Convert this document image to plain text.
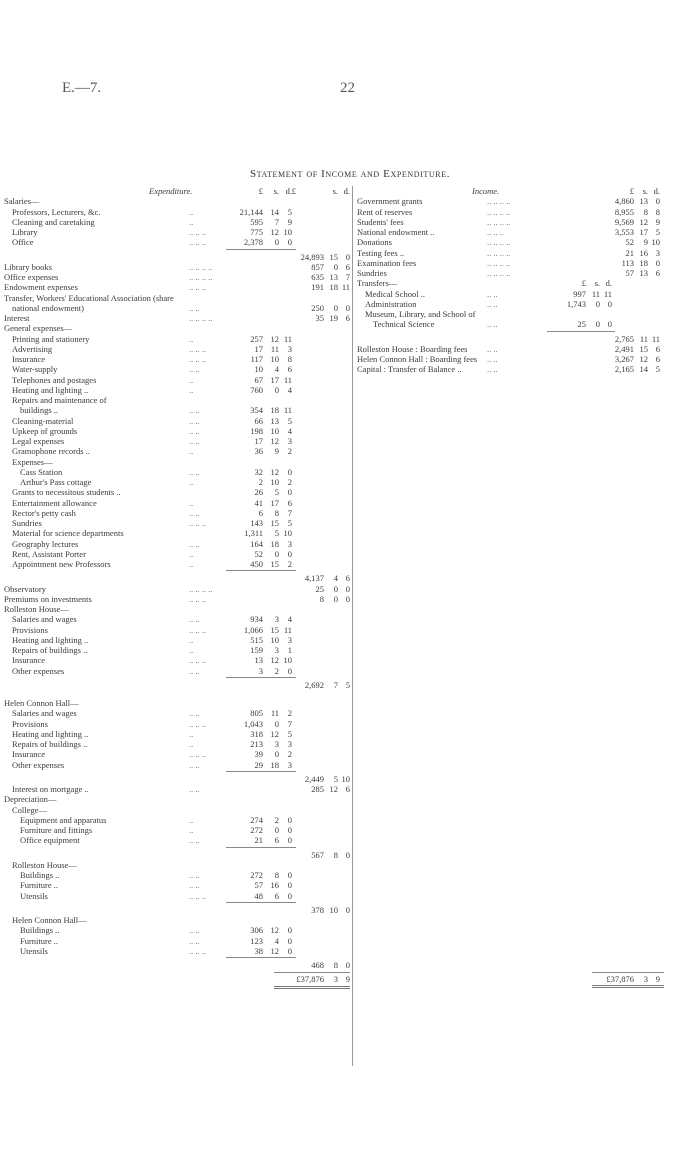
E.—7.	22
Statement of Income and Expenditure.
Expenditure.	£	s. d.
£
s. d.
Salaries—
Professors, Lecturers, &c.	..	21,144 14	5
Cleaning and caretaking	..	595	7	9
Library	.. .. ..	775 12 10
Office	.. .. ..	2,378	0	0
24,893 15 0
Library books	.. .. .. ..	857	0 6
Office expenses	.. .. .. ..	635 13 7
Endowment expenses	.. .. ..	191 18 11
Transfer, Workers' Educational Association (share
national endowment)	.. ..	250	0 0
Interest	.. .. .. ..	35 19 6
General expenses—
Printing and stationery	..	257 12 11
Advertising	.. .. ..	17 11	3
Insurance	.. .. ..	117 10	8
Water-supply	.. ..	10	4	6
Telephones and postages	..	67 17 11
Heating and lighting ..	..	760	0	4
Repairs and maintenance of
buildings ..	.. ..	354 18 11
Cleaning-material	.. ..	66 13	5
Upkeep of grounds	.. ..	198 10	4
Legal expenses	.. ..	17 12	3
Gramophone records ..	..	36	9	2
Expenses—
Cass Station	.. ..	32 12	0
Arthur's Pass cottage	..	2 10	2
Grants to necessitous students ..	26	5	0
Entertainment allowance	..	41 17	6
Rector's petty cash	.. ..	6	8	7
Sundries	.. .. ..	143 15	5
Material for science departments	1,311	5 10
Geography lectures	.. ..	164 18	3
Rent, Assistant Porter	..	52	0	0
Appointment new Professors	..	450 15	2
4,137	4 6
Observatory	.. .. .. ..	25	0 0
Premiums on investments	.. .. ..	8	0 0
Rolleston House—
Salaries and wages	.. ..	934	3	4
Provisions	.. .. ..	1,066 15 11
Heating and lighting ..	..	515 10	3
Repairs of buildings ..	..	159	3	1
Insurance	.. .. ..	13 12 10
Other expenses	.. ..	3	2	0
2,692	7 5
Helen Connon Hall—
Salaries and wages	.. ..	805 11	2
Provisions	.. .. ..	1,043	0	7
Heating and lighting ..	..	318 12	5
Repairs of buildings ..	..	213	3	3
Insurance	.. .. ..	39	0	2
Other expenses	.. ..	29 18	3
2,449	5 10
Interest on mortgage ..	.. ..	285 12 6
Depreciation—
College—
Equipment and apparatus	..	274	2	0
Furniture and fittings	..	272	0	0
Office equipment	.. ..	21	6	0
567	8 0
Rolleston House—
Buildings ..	.. ..	272	8	0
Furniture ..	.. ..	57 16	0
Utensils	.. .. ..	48	6	0
378 10 0
Helen Connon Hall—
Buildings ..	.. ..	306 12	0
Furniture ..	.. ..	123	4	0
Utensils	.. .. ..	38 12	0
468	8 0
£37,876	3 9
Income.	£	s. d.
Government grants	.. .. .. ..	4,860 13 0
Rent of reserves	.. .. .. ..	8,955	8 8
Students' fees	.. .. .. ..	9,569 12 9
National endowment ..	.. .. ..	3,553 17 5
Donations	.. .. .. ..	52	9 10
Testing fees ..	.. .. .. ..	21 16 3
Examination fees	.. .. .. ..	113 18 0
Sundries	.. .. .. ..	57 13 6
Transfers—	£	s. d.
Medical School ..	.. ..	997 11 11
Administration	.. ..	1,743	0 0
Museum, Library, and School of
Technical Science	.. ..	25	0 0
2,765 11 11
Rolleston House : Boarding fees .. ..	2,491 15 6
Helen Connon Hall : Boarding fees .. ..	3,267 12 6
Capital : Transfer of Balance ..	.. ..	2,165 14 5
£37,876	3 9
